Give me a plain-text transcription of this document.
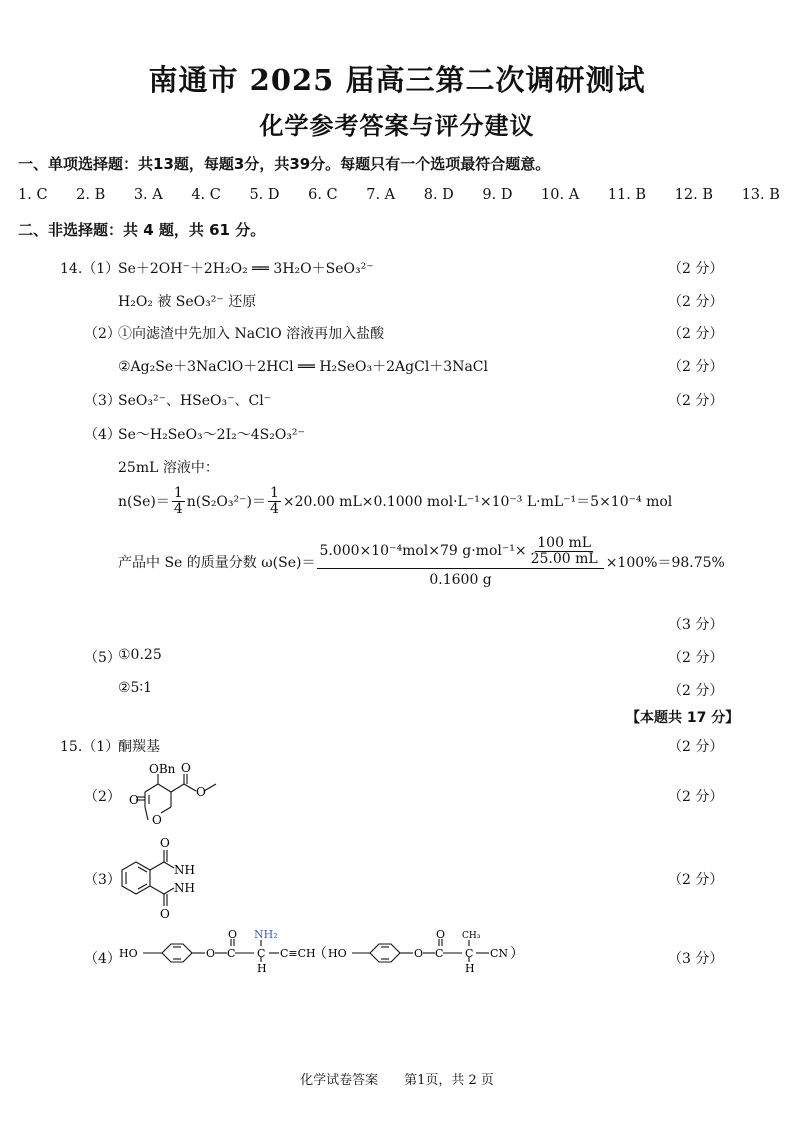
南通市 2025 届高三第二次调研测试
化学参考答案与评分建议
一、单项选择题：共13题，每题3分，共39分。每题只有一个选项最符合题意。
1. C 2. B 3. A 4. C 5. D 6. C 7. A 8. D 9. D 10. A 11. B 12. B 13. B
二、非选择题：共 4 题，共 61 分。
14.（1）
Se＋2OH⁻＋2H₂O₂ ══ 3H₂O＋SeO₃²⁻	（2 分）
H₂O₂ 被 SeO₃²⁻ 还原	（2 分）
（2）
①向滤渣中先加入 NaClO 溶液再加入盐酸	（2 分）
②Ag₂Se＋3NaClO＋2HCl ══ H₂SeO₃＋2AgCl＋3NaCl	（2 分）
（3）
SeO₃²⁻、HSeO₃⁻、Cl⁻	（2 分）
（4）
Se～H₂SeO₃～2I₂～4S₂O₃²⁻
25mL 溶液中：
$n(Se)= \frac{1}{4} n(S_2O_3^{2-})= \frac{1}{4} \times 20.00$ mL×0.1000 mol·L⁻¹×10⁻³ L·mL⁻¹＝5×10⁻⁴ mol
产品中 Se 的质量分数 $\omega(Se)= \frac{5.000\times 10^{-4}mol\times 79 g\cdot mol^{-1}\times \frac{100 mL}{25.00 mL}}{0.1600 g} \times 100\%=98.75\%$
（3 分）
（5）
①0.25	（2 分）
②5∶1	（2 分）
【本题共 17 分】
15.（1）
酮羰基	（2 分）
（2）
OBn
O
O
O
O	（2 分）
（3）
O
O
NH
NH	（2 分）
（4）
HO	O C
O NH₂
C
H
C≡CH
（ HO	O C
O CH₃
C
H
CN ）	（3 分）
化学试卷答案　　第1页，共 2 页
